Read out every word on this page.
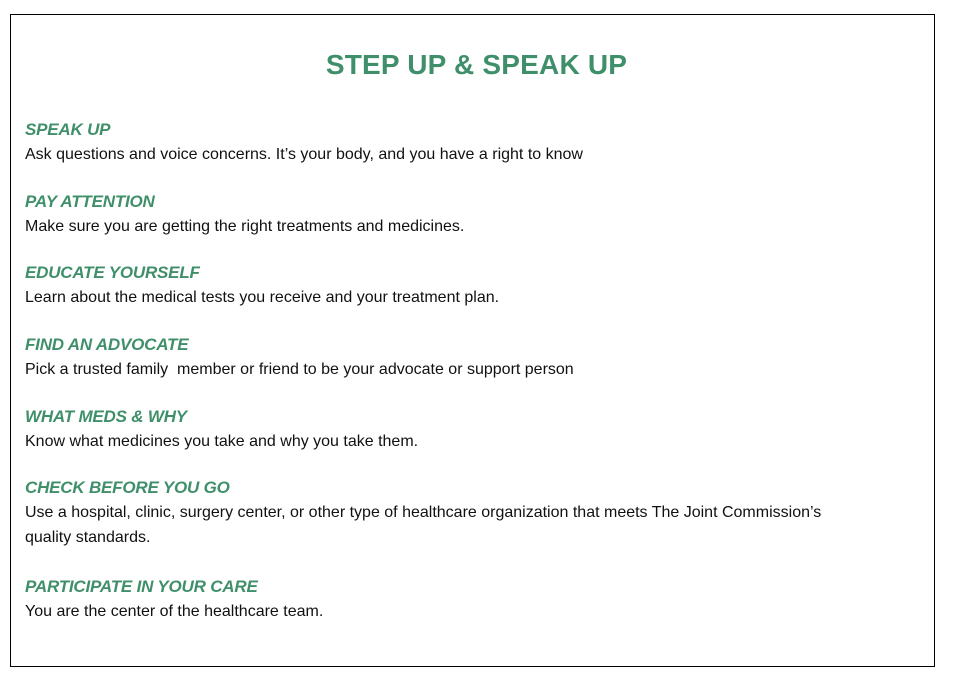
STEP UP & SPEAK UP

SPEAK UP

Ask questions and voice concerns. It’s your body, and you have a right to know

PAY ATTENTION

Make sure you are getting the right treatments and medicines.

EDUCATE YOURSELF

Learn about the medical tests you receive and your treatment plan.

FIND AN ADVOCATE

Pick a trusted family  member or friend to be your advocate or support person

WHAT MEDS & WHY

Know what medicines you take and why you take them.

CHECK BEFORE YOU GO

Use a hospital, clinic, surgery center, or other type of healthcare organization that meets The Joint Commission’s quality standards.

PARTICIPATE IN YOUR CARE

You are the center of the healthcare team.
